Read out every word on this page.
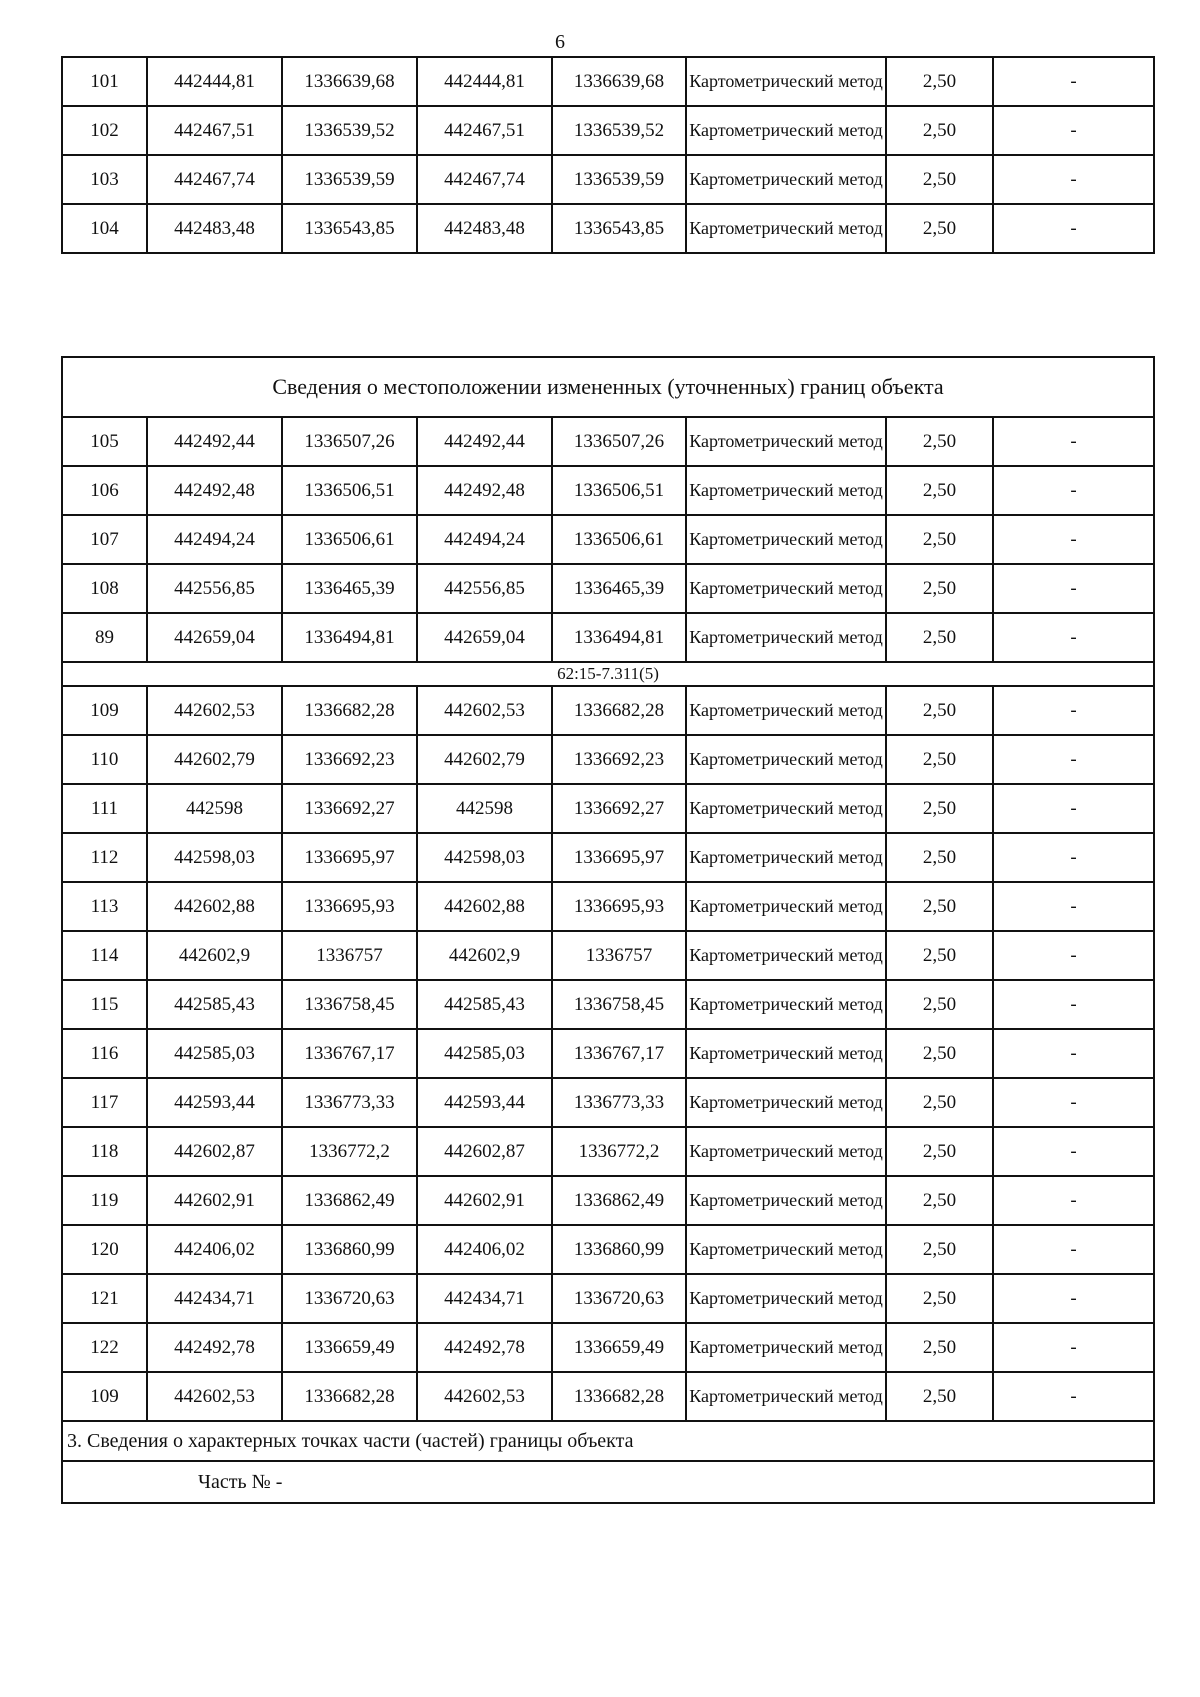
6
101	442444,81	1336639,68	442444,81	1336639,68	Картометрический метод	2,50	-
102	442467,51	1336539,52	442467,51	1336539,52	Картометрический метод	2,50	-
103	442467,74	1336539,59	442467,74	1336539,59	Картометрический метод	2,50	-
104	442483,48	1336543,85	442483,48	1336543,85	Картометрический метод	2,50	-
Сведения о местоположении измененных (уточненных) границ объекта							
105	442492,44	1336507,26	442492,44	1336507,26	Картометрический метод	2,50	-
106	442492,48	1336506,51	442492,48	1336506,51	Картометрический метод	2,50	-
107	442494,24	1336506,61	442494,24	1336506,61	Картометрический метод	2,50	-
108	442556,85	1336465,39	442556,85	1336465,39	Картометрический метод	2,50	-
89	442659,04	1336494,81	442659,04	1336494,81	Картометрический метод	2,50	-
62:15-7.311(5)							
109	442602,53	1336682,28	442602,53	1336682,28	Картометрический метод	2,50	-
110	442602,79	1336692,23	442602,79	1336692,23	Картометрический метод	2,50	-
111	442598	1336692,27	442598	1336692,27	Картометрический метод	2,50	-
112	442598,03	1336695,97	442598,03	1336695,97	Картометрический метод	2,50	-
113	442602,88	1336695,93	442602,88	1336695,93	Картометрический метод	2,50	-
114	442602,9	1336757	442602,9	1336757	Картометрический метод	2,50	-
115	442585,43	1336758,45	442585,43	1336758,45	Картометрический метод	2,50	-
116	442585,03	1336767,17	442585,03	1336767,17	Картометрический метод	2,50	-
117	442593,44	1336773,33	442593,44	1336773,33	Картометрический метод	2,50	-
118	442602,87	1336772,2	442602,87	1336772,2	Картометрический метод	2,50	-
119	442602,91	1336862,49	442602,91	1336862,49	Картометрический метод	2,50	-
120	442406,02	1336860,99	442406,02	1336860,99	Картометрический метод	2,50	-
121	442434,71	1336720,63	442434,71	1336720,63	Картометрический метод	2,50	-
122	442492,78	1336659,49	442492,78	1336659,49	Картометрический метод	2,50	-
109	442602,53	1336682,28	442602,53	1336682,28	Картометрический метод	2,50	-
3. Сведения о характерных точках части (частей) границы объекта							
Часть № -							
